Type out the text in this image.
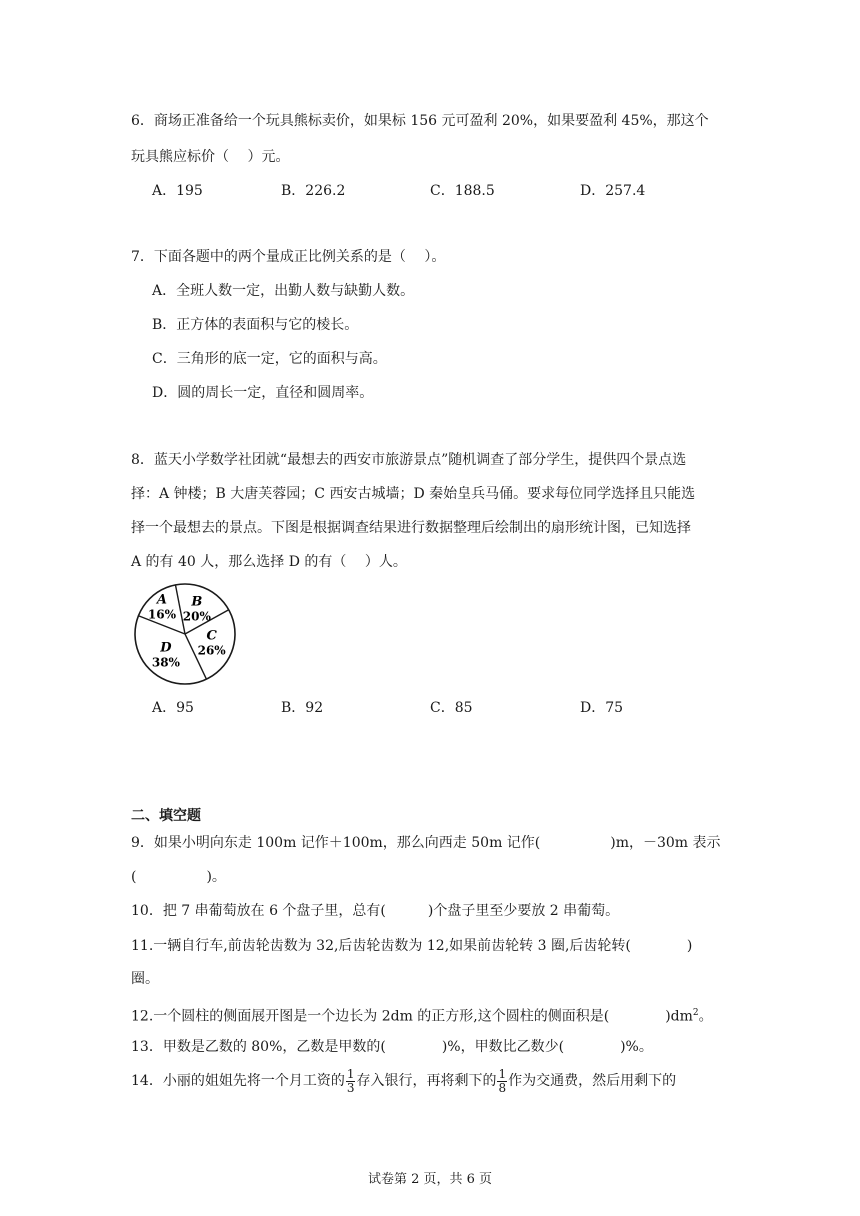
6．商场正准备给一个玩具熊标卖价，如果标 156 元可盈利 20%，如果要盈利 45%，那这个
玩具熊应标价（　 ）元。
A．195	B．226.2	C．188.5	D．257.4
7．下面各题中的两个量成正比例关系的是（　 ）。
A．全班人数一定，出勤人数与缺勤人数。
B．正方体的表面积与它的棱长。
C．三角形的底一定，它的面积与高。
D．圆的周长一定，直径和圆周率。
8．蓝天小学数学社团就“最想去的西安市旅游景点”随机调查了部分学生，提供四个景点选
择：A 钟楼；B 大唐芙蓉园；C 西安古城墙；D 秦始皇兵马俑。要求每位同学选择且只能选
择一个最想去的景点。下图是根据调查结果进行数据整理后绘制出的扇形统计图，已知选择
A 的有 40 人，那么选择 D 的有（　 ）人。
B
20%
C
26%
D
38%
A
16%
A．95	B．92	C．85	D．75
二、填空题
9．如果小明向东走 100m 记作＋100m，那么向西走 50m 记作(　　　　　)m，－30m 表示
(　　　　　)。
10．把 7 串葡萄放在 6 个盘子里，总有(　　　)个盘子里至少要放 2 串葡萄。
11.一辆自行车,前齿轮齿数为 32,后齿轮齿数为 12,如果前齿轮转 3 圈,后齿轮转(　　　　)
圈。
12.一个圆柱的侧面展开图是一个边长为 2dm 的正方形,这个圆柱的侧面积是(　　　　)$dm^2$。
13．甲数是乙数的 80%，乙数是甲数的(　　　　)%，甲数比乙数少(　　　　)%。
14．小丽的姐姐先将一个月工资的 $\frac{1}{3}$ 存入银行，再将剩下的 $\frac{1}{8}$ 作为交通费，然后用剩下的
试卷第 2 页，共 6 页
